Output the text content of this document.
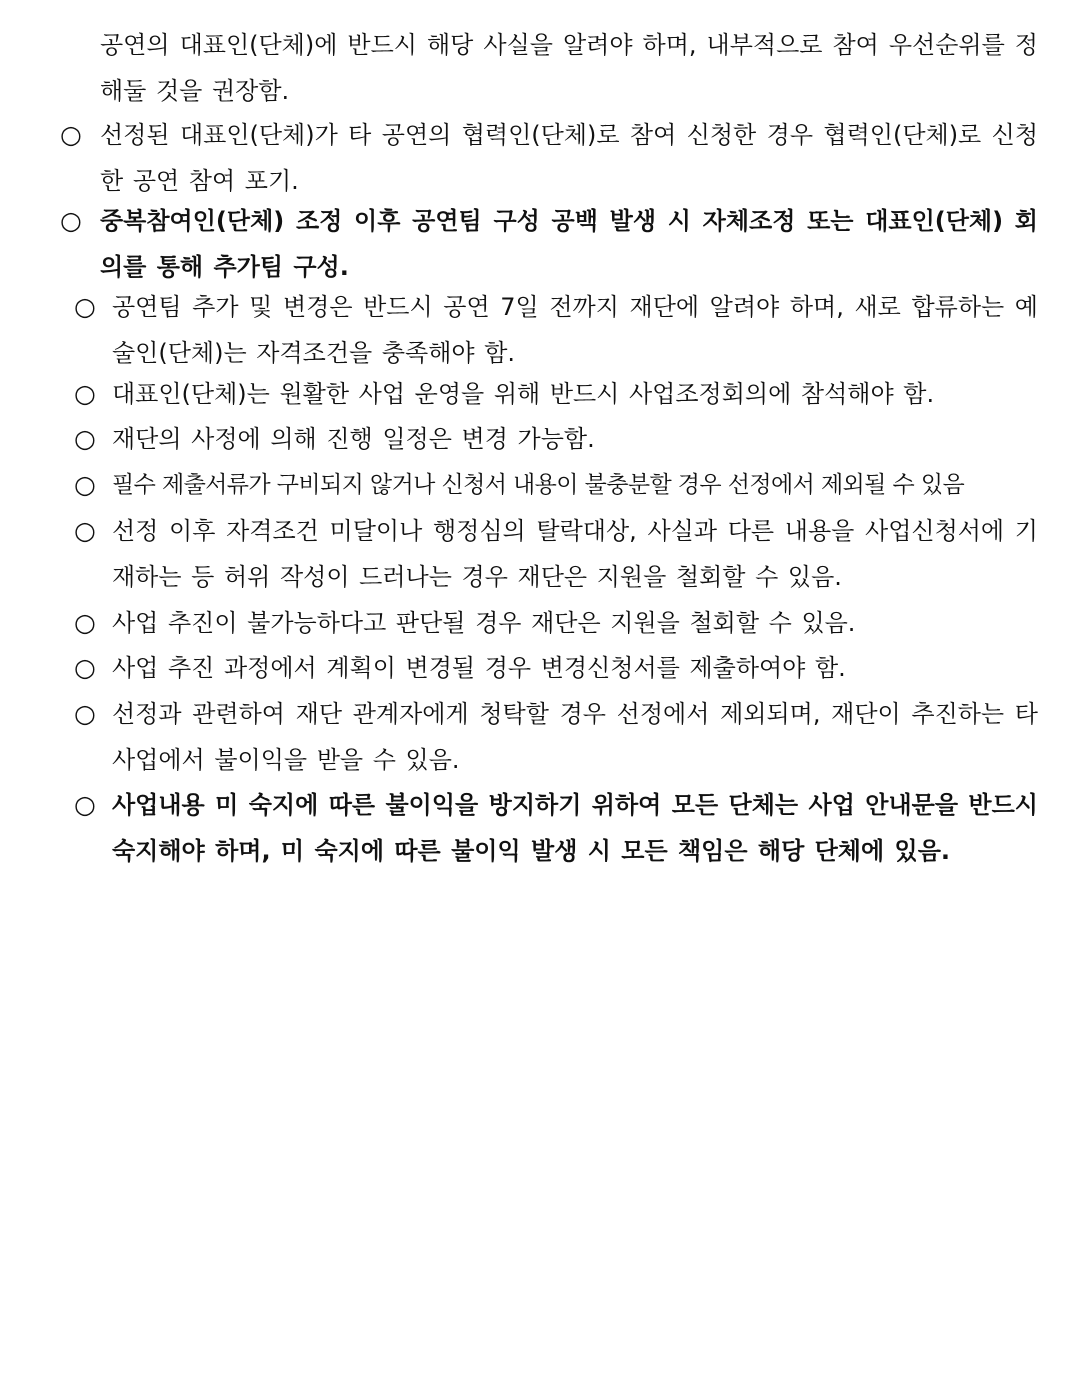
공연의 대표인(단체)에 반드시 해당 사실을 알려야 하며, 내부적으로 참여 우선순위를 정해둘 것을 권장함.
○ 선정된 대표인(단체)가 타 공연의 협력인(단체)로 참여 신청한 경우 협력인(단체)로 신청한 공연 참여 포기.
○ 중복참여인(단체) 조정 이후 공연팀 구성 공백 발생 시 자체조정 또는 대표인(단체) 회의를 통해 추가팀 구성.
○ 공연팀 추가 및 변경은 반드시 공연 7일 전까지 재단에 알려야 하며, 새로 합류하는 예술인(단체)는 자격조건을 충족해야 함.
○ 대표인(단체)는 원활한 사업 운영을 위해 반드시 사업조정회의에 참석해야 함.
○ 재단의 사정에 의해 진행 일정은 변경 가능함.
○ 필수 제출서류가 구비되지 않거나 신청서 내용이 불충분할 경우 선정에서 제외될 수 있음
○ 선정 이후 자격조건 미달이나 행정심의 탈락대상, 사실과 다른 내용을 사업신청서에 기재하는 등 허위 작성이 드러나는 경우 재단은 지원을 철회할 수 있음.
○ 사업 추진이 불가능하다고 판단될 경우 재단은 지원을 철회할 수 있음.
○ 사업 추진 과정에서 계획이 변경될 경우 변경신청서를 제출하여야 함.
○ 선정과 관련하여 재단 관계자에게 청탁할 경우 선정에서 제외되며, 재단이 추진하는 타 사업에서 불이익을 받을 수 있음.
○ 사업내용 미 숙지에 따른 불이익을 방지하기 위하여 모든 단체는 사업 안내문을 반드시 숙지해야 하며, 미 숙지에 따른 불이익 발생 시 모든 책임은 해당 단체에 있음.
